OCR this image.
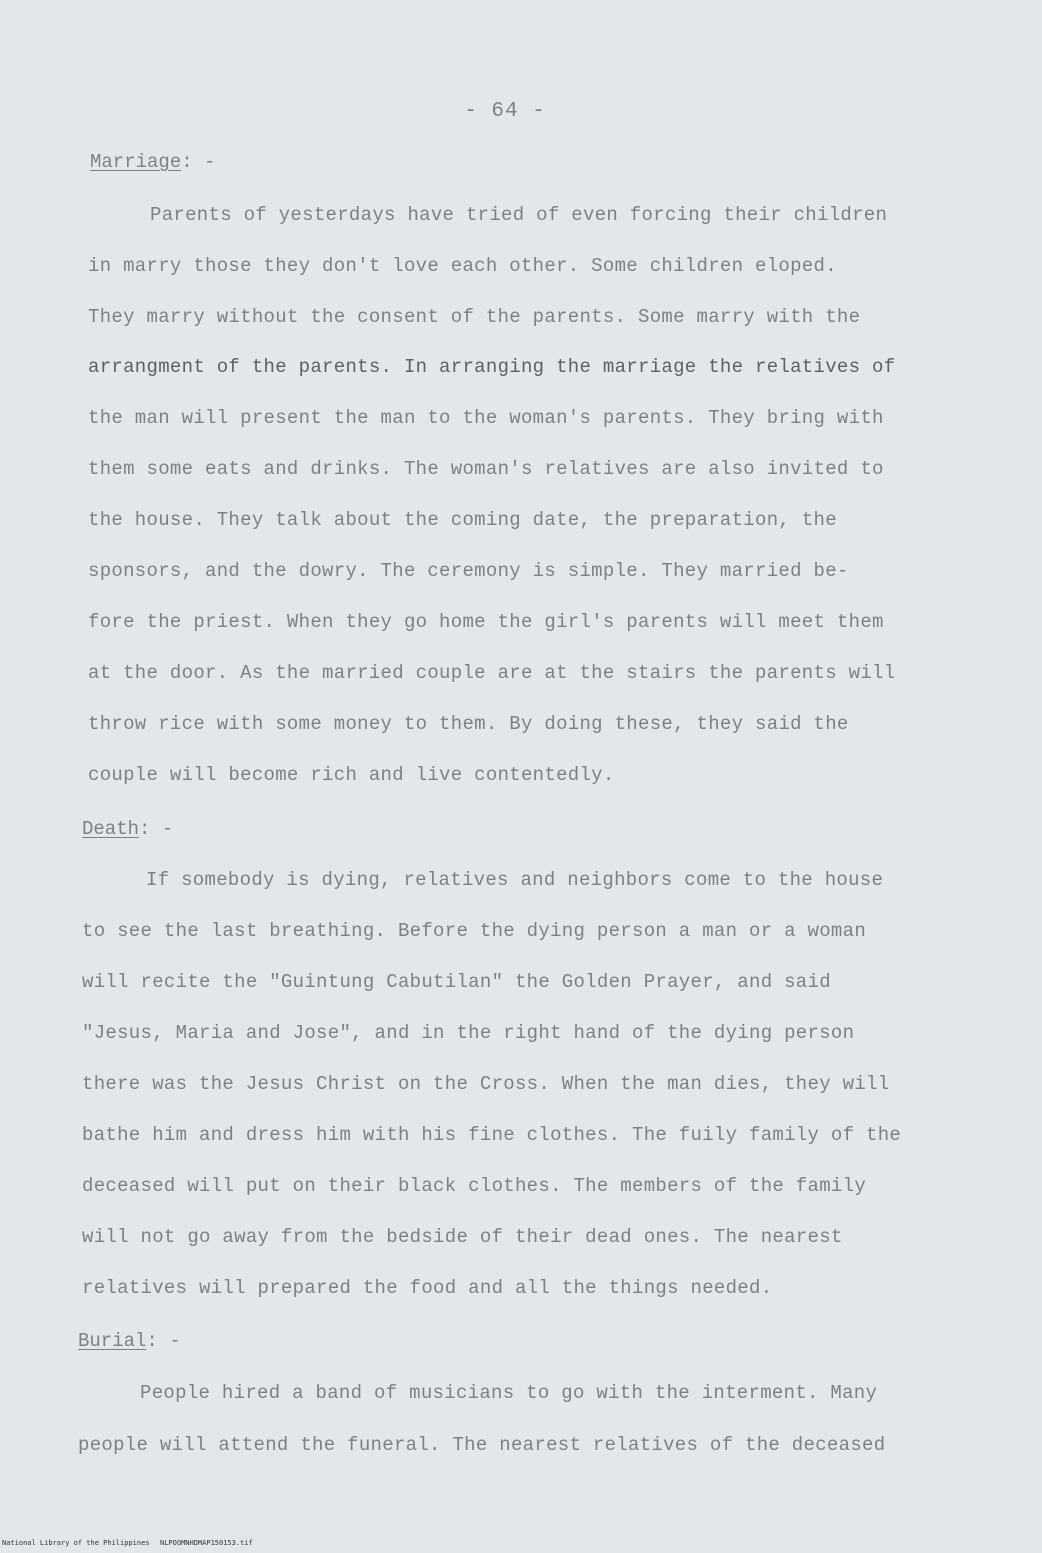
- 64 -
Marriage: -
Parents of yesterdays have tried of even forcing their children
in marry those they don't love each other. Some children eloped.
They marry without the consent of the parents. Some marry with the
arrangment of the parents. In arranging the marriage the relatives of
the man will present the man to the woman's parents. They bring with
them some eats and drinks. The woman's relatives are also invited to
the house. They talk about the coming date, the preparation, the
sponsors, and the dowry. The ceremony is simple. They married be-
fore the priest. When they go home the girl's parents will meet them
at the door. As the married couple are at the stairs the parents will
throw rice with some money to them. By doing these, they said the
couple will become rich and live contentedly.
Death: -
If somebody is dying, relatives and neighbors come to the house
to see the last breathing. Before the dying person a man or a woman
will recite the "Guintung Cabutilan" the Golden Prayer, and said
"Jesus, Maria and Jose", and in the right hand of the dying person
there was the Jesus Christ on the Cross. When the man dies, they will
bathe him and dress him with his fine clothes. The fuily family of the
deceased will put on their black clothes. The members of the family
will not go away from the bedside of their dead ones. The nearest
relatives will prepared the food and all the things needed.
Burial: -
People hired a band of musicians to go with the interment. Many
people will attend the funeral. The nearest relatives of the deceased
National Library of the Philippines NLPOOMNHDMAP150153.tif
